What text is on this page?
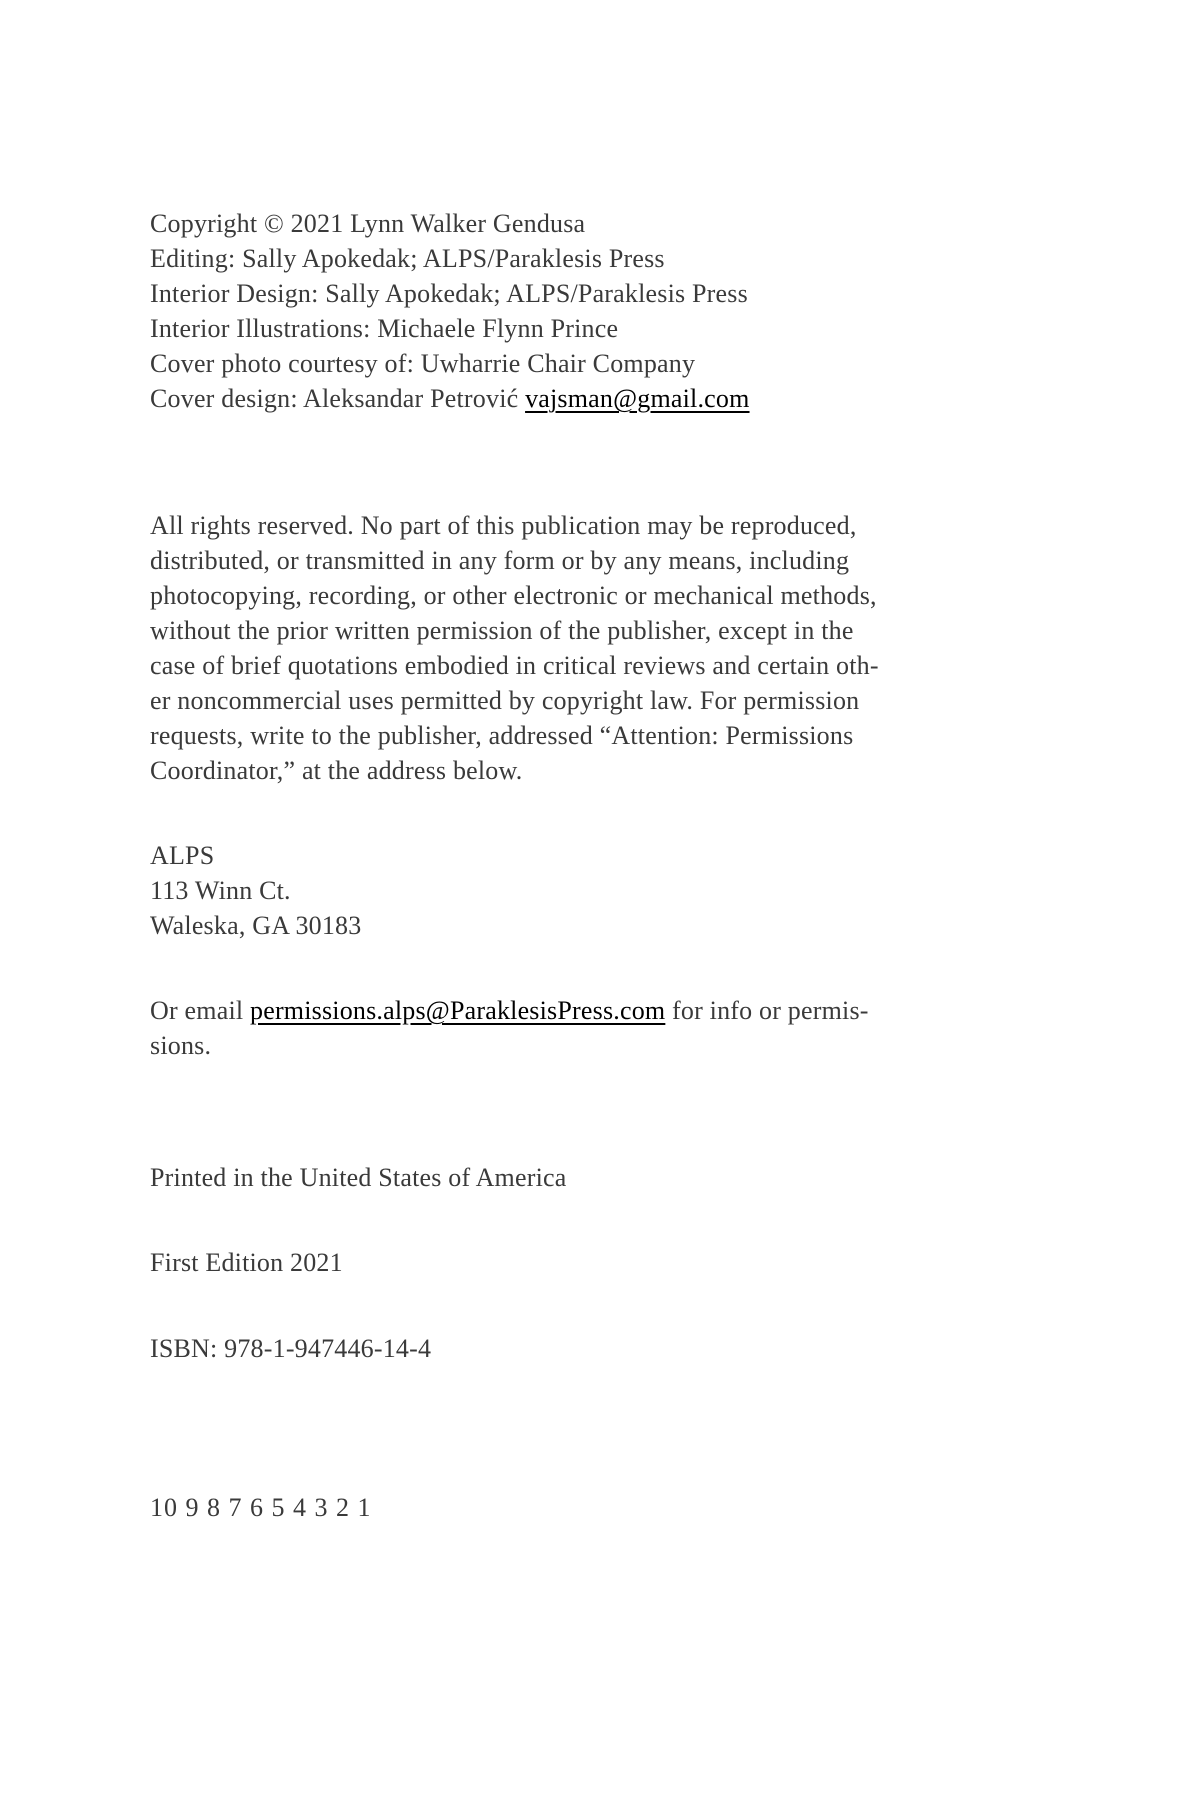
Copyright © 2021 Lynn Walker Gendusa
Editing: Sally Apokedak; ALPS/Paraklesis Press
Interior Design: Sally Apokedak; ALPS/Paraklesis Press
Interior Illustrations: Michaele Flynn Prince
Cover photo courtesy of: Uwharrie Chair Company
Cover design: Aleksandar Petrović vajsman@gmail.com
All rights reserved. No part of this publication may be reproduced,
distributed, or transmitted in any form or by any means, including
photocopying, recording, or other electronic or mechanical methods,
without the prior written permission of the publisher, except in the
case of brief quotations embodied in critical reviews and certain oth-
er noncommercial uses permitted by copyright law. For permission
requests, write to the publisher, addressed “Attention: Permissions
Coordinator,” at the address below.
ALPS
113 Winn Ct.
Waleska, GA 30183
Or email permissions.alps@ParaklesisPress.com for info or permis-
sions.
Printed in the United States of America
First Edition 2021
ISBN: 978-1-947446-14-4
10 9 8 7 6 5 4 3 2 1
